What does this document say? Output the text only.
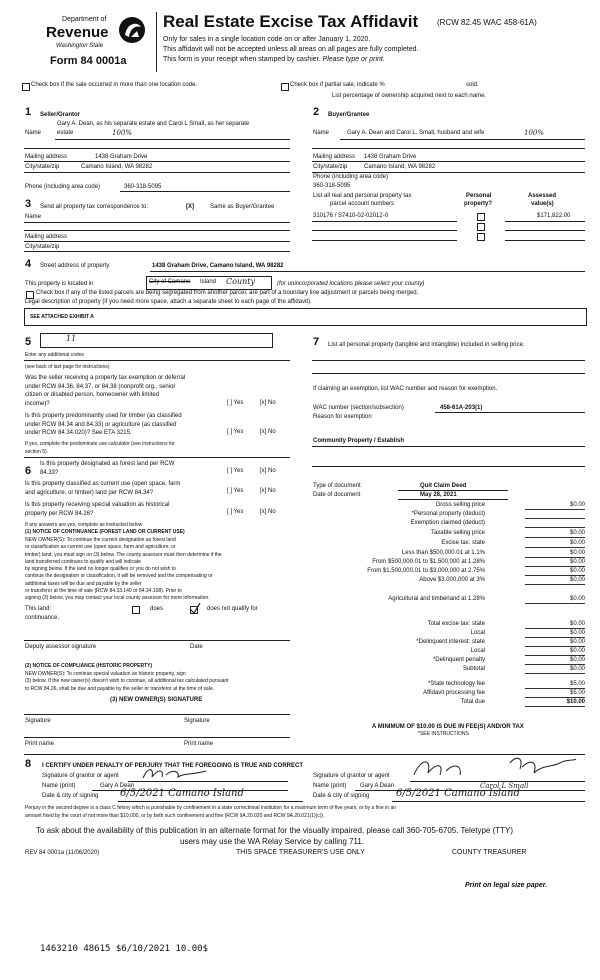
Department of
Revenue
Washington State
Form 84 0001a
Real Estate Excise Tax Affidavit (RCW 82.45 WAC 458-61A)
Only for sales in a single location code on or after January 1, 2020.
This affidavit will not be accepted unless all areas on all pages are fully completed.
This form is your receipt when stamped by cashier. Please type or print.
Check box if the sale occurred in more than one location code.	Check box if partial sale, indicate %	sold.
List percentage of ownership acquired next to each name.
1 Seller/Grantor
Gary A. Dean, as his separate estate and Carol L Small, as her separate
Name	estate	100%
Mailing address	1438 Graham Drive
City/state/zip	Camano Island, WA 98282
Phone (including area code)	360-318-5095
2 Buyer/Grantee
Name	Gary A. Dean and Carol L. Small, husband and wife	100%
Mailing address 1438 Graham Drive
City/state/zip	Camano Island, WA 98282
Phone (including area code)
360-318-5095
3 Send all property tax correspondence to:	[X]	Same as Buyer/Grantee
Name
Mailing address
City/state/zip
List all real and personal property tax
parcel account numbers
Personal
property?
Assessed
value(s)
310176 / S7410-02-02012-0	$171,822.00
4 Street address of property	1438 Graham Drive, Camano Island, WA 98282
This property is located in	City of Camano Island County	(for unincorporated locations please select your county)
Check box if any of the listed parcels are being segregated from another parcel, are part of a boundary line adjustment or parcels being merged.
Legal description of property (if you need more space, attach a separate sheet to each page of the affidavit).
SEE ATTACHED EXHIBIT A
5	11
Enter any additional codes
(see back of last page for instructions)
Was the seller receiving a property tax exemption or deferral
under RCW 84.36, 84.37, or 84.38 (nonprofit org., senior
citizen or disabled person, homeowner with limited
income)?	[ ] Yes	[x] No
Is this property predominantly used for timber (as classified
under RCW 84.34 and 84.33) or agriculture (as classified
under RCW 84.34.020)? See ETA 3215.	[ ] Yes	[x] No
If yes, complete the predominate use calculator (see instructions for
section 5).
6
Is this property designated as forest land per RCW
84.33?	[ ] Yes	[x] No
Is this property classified as current use (open space, farm
and agriculture, or timber) land per RCW 84.34?	[ ] Yes	[x] No
Is this property receiving special valuation as historical
property per RCW 84.26?	[ ] Yes	[x] No
If any answers are yes, complete as instructed below
(1) NOTICE OF CONTINUANCE (FOREST LAND OR CURRENT USE)
NEW OWNER(S): To continue the current designation as forest land
or classification as current use (open space, farm and agriculture, or
timber) land, you must sign on (3) below. The county assessor must then determine if the
land transferred continues to qualify and will indicate
by signing below. If the land no longer qualifies or you do not wish to
continue the designation or classification, it will be removed and the compensating or
additional taxes will be due and payable by the seller
or transferor at the time of sale (RCW 84.33.140 or 84.34.108). Prior to
signing (3) below, you may contact your local county assessor for more information.
This land:	does	does not qualify for
continuance.
Deputy assessor signature	Date
(2) NOTICE OF COMPLIANCE (HISTORIC PROPERTY)
NEW OWNER(S): To continue special valuation as historic property, sign
(3) below. If the new owner(s) doesn't wish to continue, all additional tax calculated pursuant
to RCW 84.26, shall be due and payable by the seller or transferor at the time of sale.
(3) NEW OWNER(S) SIGNATURE
Signature	Signature
Print name	Print name
7 List all personal property (tangible and intangible) included in selling price.
If claiming an exemption, list WAC number and reason for exemption.
WAC number (section/subsection)	458-61A-203(1)
Reason for exemption
Community Property / Establish
Type of document	Quit Claim Deed
Date of document	May 28, 2021
Gross selling price	$0.00
*Personal property (deduct)
Exemption claimed (deduct)
Taxable selling price	$0.00
Excise tax: state	$0.00
Less than $500,000.01 at 1.1%	$0.00
From $500,000.01 to $1,500,000 at 1.28%	$0.00
From $1,500,000.01 to $3,000,000 at 2.75%	$0.00
Above $3,000,000 at 3%	$0.00
Agricultural and timberland at 1.28%	$0.00
Total excise tax: state	$0.00
Local	$0.00
*Delinquent interest: state	$0.00
Local	$0.00
*Delinquent penalty	$0.00
Subtotal	$0.00
*State technology fee	$5.00
Affidavit processing fee	$5.00
Total due	$10.00
A MINIMUM OF $10.00 IS DUE IN FEE(S) AND/OR TAX
*SEE INSTRUCTIONS
8 I CERTIFY UNDER PENALTY OF PERJURY THAT THE FOREGOING IS TRUE AND CORRECT
Signature of grantor or agent
Name (print)	Gary A Dean
Date & city of signing 6/5/2021 Camano Island
Signature of grantor or agent
Name (print) Gary A Dean	Carol L Small
Date & city of signing	6/5/2021 Camano Island
Perjury in the second degree is a class C felony which is punishable by confinement in a state correctional institution for a maximum term of five years, or by a fine in an
amount fixed by the court of not more than $10,000, or by both such confinement and fine (RCW 9A.20.020 and RCW 9A.20.021(1)(c)).
To ask about the availability of this publication in an alternate format for the visually impaired, please call 360-705-6705. Teletype (TTY)
users may use the WA Relay Service by calling 711.
REV 84 0001a (11/06/2020)	THIS SPACE TREASURER'S USE ONLY	COUNTY TREASURER
Print on legal size paper.
1463210 48615 $6/10/2021 10.00$
